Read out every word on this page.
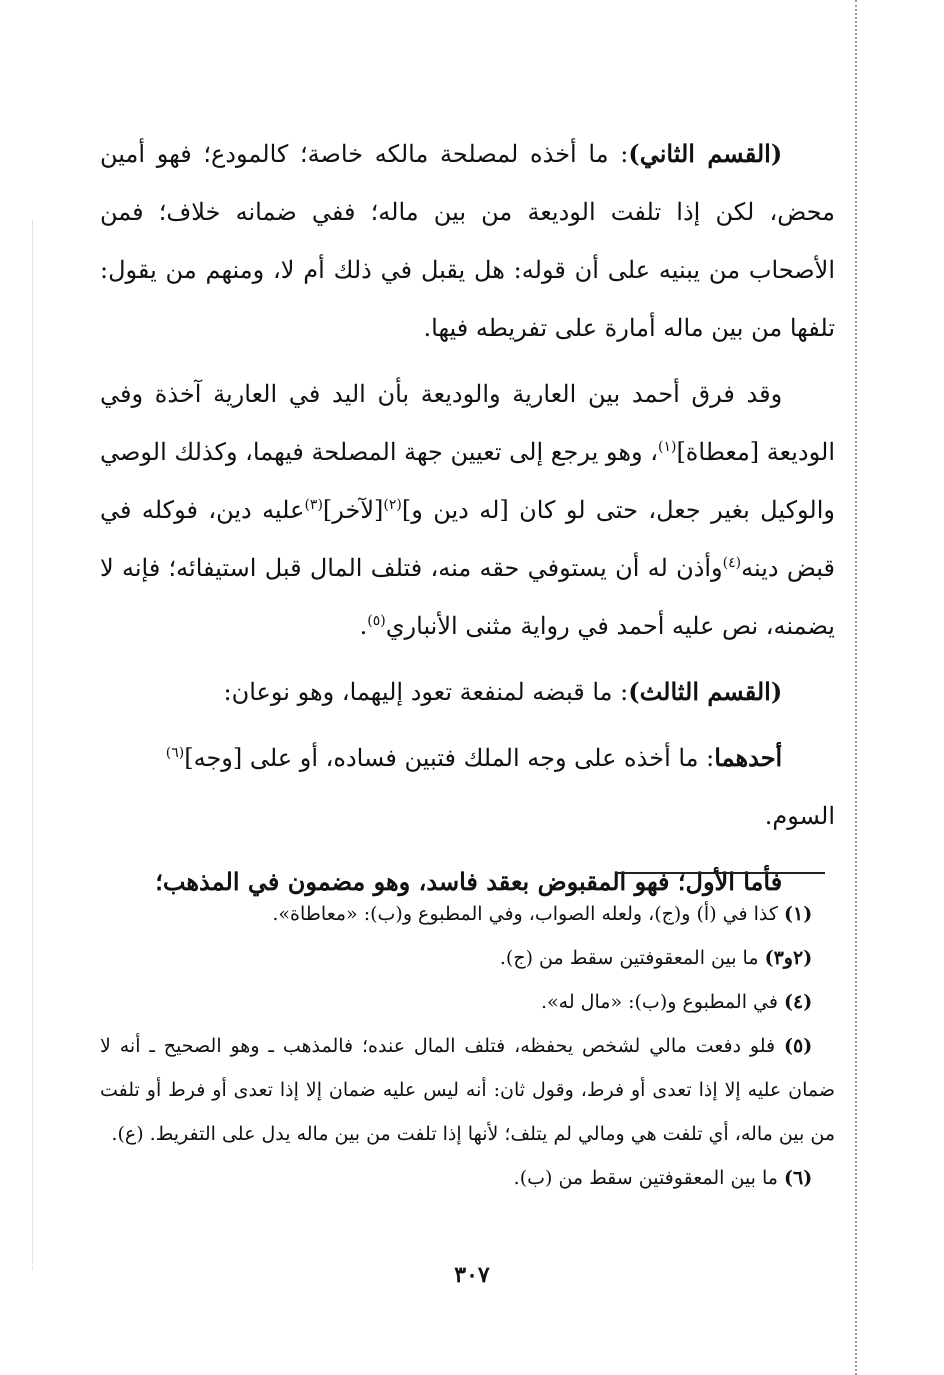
(القسم الثاني): ما أخذه لمصلحة مالكه خاصة؛ كالمودع؛ فهو أمين محض، لكن إذا تلفت الوديعة من بين ماله؛ ففي ضمانه خلاف؛ فمن الأصحاب من يبنيه على أن قوله: هل يقبل في ذلك أم لا، ومنهم من يقول: تلفها من بين ماله أمارة على تفريطه فيها.

وقد فرق أحمد بين العارية والوديعة بأن اليد في العارية آخذة وفي الوديعة [معطاة]$^{(١)}$، وهو يرجع إلى تعيين جهة المصلحة فيهما، وكذلك الوصي والوكيل بغير جعل، حتى لو كان [له دين و]$^{(٢)}$[لآخر]$^{(٣)}$عليه دين، فوكله في قبض دينه$^{(٤)}$وأذن له أن يستوفي حقه منه، فتلف المال قبل استيفائه؛ فإنه لا يضمنه، نص عليه أحمد في رواية مثنى الأنباري$^{(٥)}$.

(القسم الثالث): ما قبضه لمنفعة تعود إليهما، وهو نوعان:

أحدهما: ما أخذه على وجه الملك فتبين فساده، أو على [وجه]$^{(٦)}$
السوم.

فأما الأول؛ فهو المقبوض بعقد فاسد، وهو مضمون في المذهب؛

(١) كذا في (أ) و(ج)، ولعله الصواب، وفي المطبوع و(ب): «معاطاة».

(٢و٣) ما بين المعقوفتين سقط من (ج).

(٤) في المطبوع و(ب): «مال له».

(٥) فلو دفعت مالي لشخص يحفظه، فتلف المال عنده؛ فالمذهب ـ وهو الصحيح ـ أنه لا ضمان عليه إلا إذا تعدى أو فرط، وقول ثان: أنه ليس عليه ضمان إلا إذا تعدى أو فرط أو تلفت من بين ماله، أي تلفت هي ومالي لم يتلف؛ لأنها إذا تلفت من بين ماله يدل على التفريط. (ع).

(٦) ما بين المعقوفتين سقط من (ب).

٣٠٧
